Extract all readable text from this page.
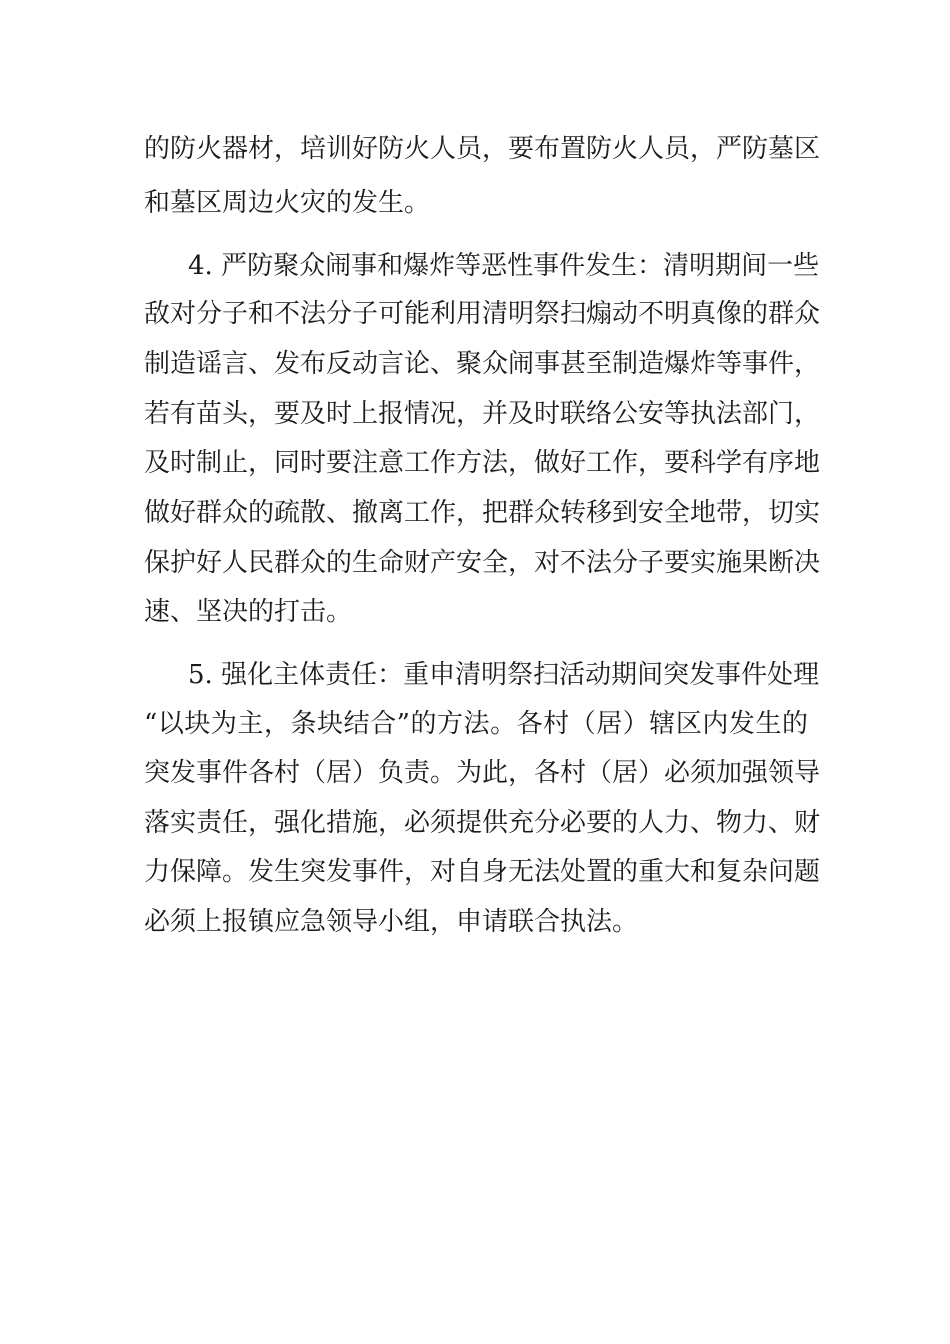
的防火器材，培训好防火人员，要布置防火人员，严防墓区
和墓区周边火灾的发生。
4. 严防聚众闹事和爆炸等恶性事件发生：清明期间一些
敌对分子和不法分子可能利用清明祭扫煽动不明真像的群众
制造谣言、发布反动言论、聚众闹事甚至制造爆炸等事件，
若有苗头，要及时上报情况，并及时联络公安等执法部门，
及时制止，同时要注意工作方法，做好工作，要科学有序地
做好群众的疏散、撤离工作，把群众转移到安全地带，切实
保护好人民群众的生命财产安全，对不法分子要实施果断决
速、坚决的打击。
5. 强化主体责任：重申清明祭扫活动期间突发事件处理
“以块为主，条块结合”的方法。各村（居）辖区内发生的
突发事件各村（居）负责。为此，各村（居）必须加强领导
落实责任，强化措施，必须提供充分必要的人力、物力、财
力保障。发生突发事件，对自身无法处置的重大和复杂问题
必须上报镇应急领导小组，申请联合执法。
